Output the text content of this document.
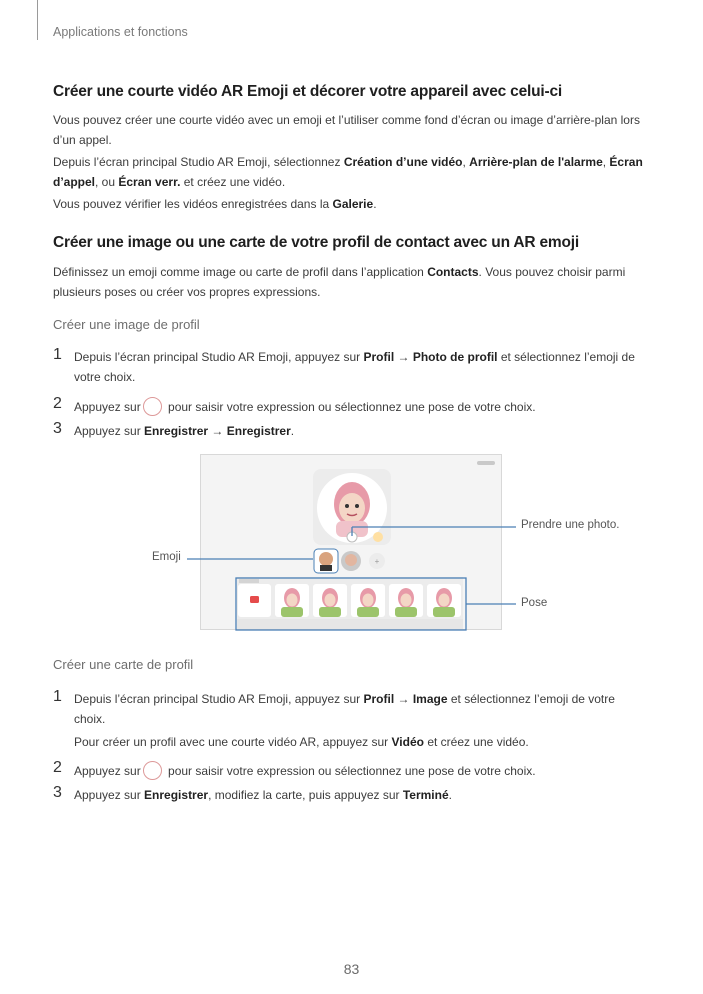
Applications et fonctions
Créer une courte vidéo AR Emoji et décorer votre appareil avec celui-ci
Vous pouvez créer une courte vidéo avec un emoji et l’utiliser comme fond d’écran ou image d’arrière-plan lors d’un appel.
Depuis l’écran principal Studio AR Emoji, sélectionnez Création d’une vidéo, Arrière-plan de l'alarme, Écran d’appel, ou Écran verr. et créez une vidéo.
Vous pouvez vérifier les vidéos enregistrées dans la Galerie.
Créer une image ou une carte de votre profil de contact avec un AR emoji
Définissez un emoji comme image ou carte de profil dans l’application Contacts. Vous pouvez choisir parmi plusieurs poses ou créer vos propres expressions.
Créer une image de profil
1 Depuis l’écran principal Studio AR Emoji, appuyez sur Profil → Photo de profil et sélectionnez l’emoji de votre choix.
2 Appuyez sur pour saisir votre expression ou sélectionnez une pose de votre choix.
3 Appuyez sur Enregistrer → Enregistrer.
+
Prendre une photo.
Emoji
Pose
Créer une carte de profil
1 Depuis l’écran principal Studio AR Emoji, appuyez sur Profil → Image et sélectionnez l’emoji de votre choix.
Pour créer un profil avec une courte vidéo AR, appuyez sur Vidéo et créez une vidéo.
2 Appuyez sur pour saisir votre expression ou sélectionnez une pose de votre choix.
3 Appuyez sur Enregistrer, modifiez la carte, puis appuyez sur Terminé.
83
